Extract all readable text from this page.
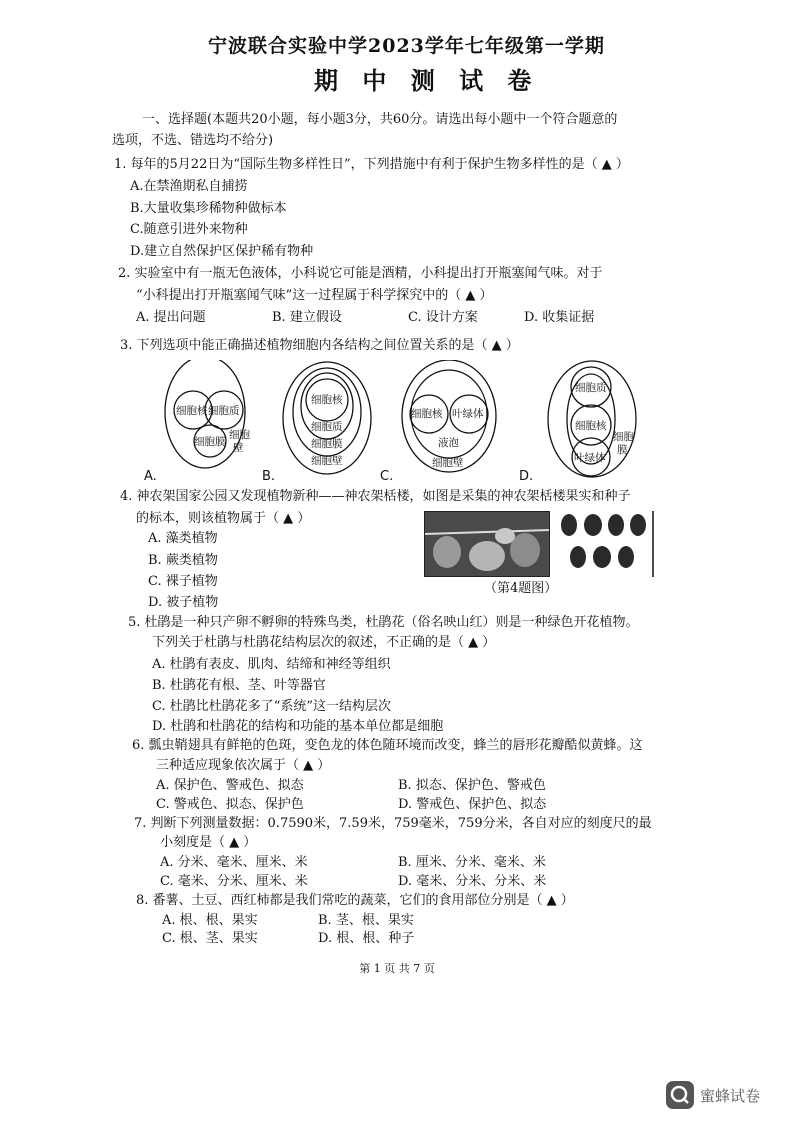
宁波联合实验中学2023学年七年级第一学期
期 中 测 试 卷
一、选择题(本题共20小题，每小题3分，共60分。请选出每小题中一个符合题意的
选项，不选、错选均不给分)
1. 每年的5月22日为“国际生物多样性日”，下列措施中有利于保护生物多样性的是（ ▲ ）
A.在禁渔期私自捕捞
B.大量收集珍稀物种做标本
C.随意引进外来物种
D.建立自然保护区保护稀有物种
2. 实验室中有一瓶无色液体，小科说它可能是酒精，小科提出打开瓶塞闻气味。对于
“小科提出打开瓶塞闻气味”这一过程属于科学探究中的（ ▲ ）
A. 提出问题	B. 建立假设	C. 设计方案	D. 收集证据
3. 下列选项中能正确描述植物细胞内各结构之间位置关系的是（ ▲ ）
细胞核 细胞质
细胞膜
细胞
壁
细胞核
细胞质
细胞膜
细胞壁
细胞核 叶绿体
液泡
细胞壁
细胞质
细胞核
叶绿体
细胞
膜
A.	B.	C.	D.
4. 神农架国家公园又发现植物新种——神农架栝楼，如图是采集的神农架栝楼果实和种子
的标本，则该植物属于（ ▲ ）
A. 藻类植物
B. 蕨类植物
C. 裸子植物
D. 被子植物
（第4题图）
5. 杜鹃是一种只产卵不孵卵的特殊鸟类，杜鹃花（俗名映山红）则是一种绿色开花植物。
下列关于杜鹃与杜鹃花结构层次的叙述，不正确的是（ ▲ ）
A. 杜鹃有表皮、肌肉、结缔和神经等组织
B. 杜鹃花有根、茎、叶等器官
C. 杜鹃比杜鹃花多了“系统”这一结构层次
D. 杜鹃和杜鹃花的结构和功能的基本单位都是细胞
6. 瓢虫鞘翅具有鲜艳的色斑，变色龙的体色随环境而改变，蜂兰的唇形花瓣酷似黄蜂。这
三种适应现象依次属于（ ▲ ）
A. 保护色、警戒色、拟态	B. 拟态、保护色、警戒色
C. 警戒色、拟态、保护色	D. 警戒色、保护色、拟态
7. 判断下列测量数据：0.7590米，7.59米，759毫米，759分米，各自对应的刻度尺的最
小刻度是（ ▲ ）
A. 分米、毫米、厘米、米	B. 厘米、分米、毫米、米
C. 毫米、分米、厘米、米	D. 毫米、分米、分米、米
8. 番薯、土豆、西红柿都是我们常吃的蔬菜，它们的食用部位分别是（ ▲ ）
A. 根、根、果实	B. 茎、根、果实
C. 根、茎、果实	D. 根、根、种子
第 1 页 共 7 页
蜜蜂试卷
